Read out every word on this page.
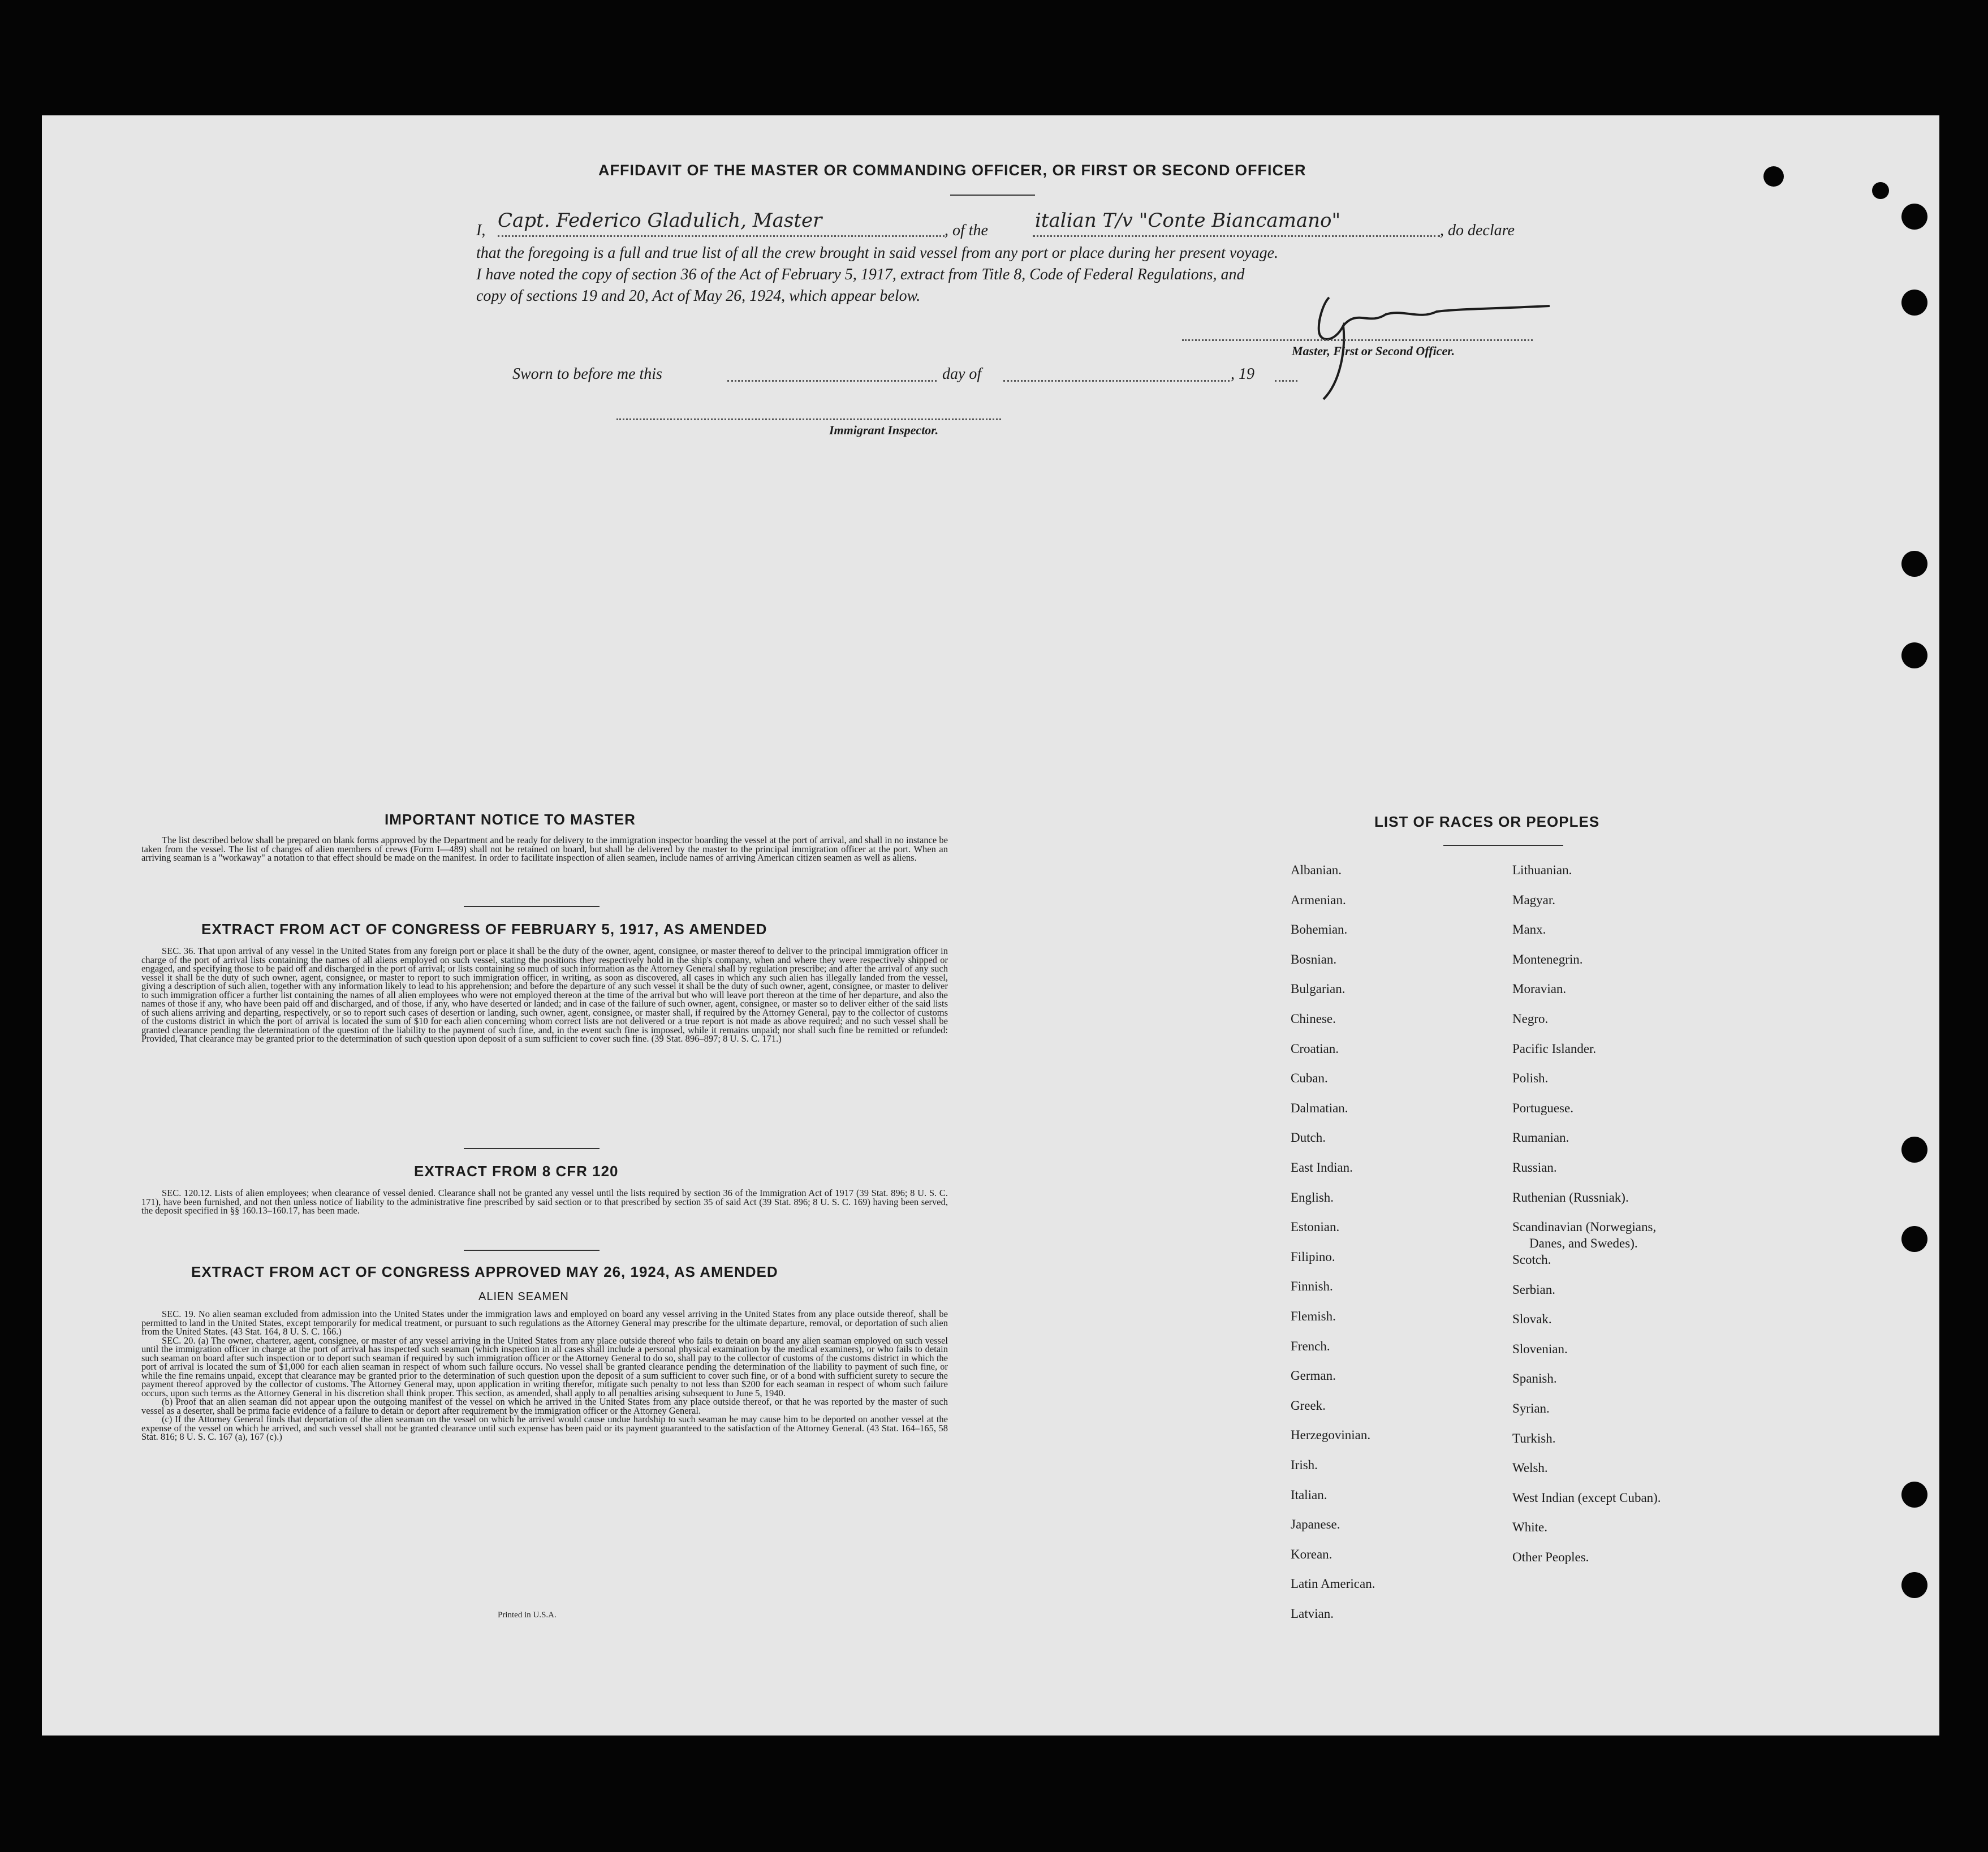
AFFIDAVIT OF THE MASTER OR COMMANDING OFFICER, OR FIRST OR SECOND OFFICER
I, Capt. Federico Gladulich, Master	, of the italian T/v "Conte Biancamano"	, do declare
that the foregoing is a full and true list of all the crew brought in said vessel from any port or place during her present voyage.
I have noted the copy of section 36 of the Act of February 5, 1917, extract from Title 8, Code of Federal Regulations, and
copy of sections 19 and 20, Act of May 26, 1924, which appear below.
Master, First or Second Officer.
Sworn to before me this	day of	, 19
Immigrant Inspector.
IMPORTANT NOTICE TO MASTER

The list described below shall be prepared on blank forms approved by the Department and be ready for delivery to the immigration inspector boarding the vessel at the port of arrival, and shall in no instance be taken from the vessel. The list of changes of alien members of crews (Form I—489) shall not be retained on board, but shall be delivered by the master to the principal immigration officer at the port. When an arriving seaman is a "workaway" a notation to that effect should be made on the manifest. In order to facilitate inspection of alien seamen, include names of arriving American citizen seamen as well as aliens.

EXTRACT FROM ACT OF CONGRESS OF FEBRUARY 5, 1917, AS AMENDED

SEC. 36. That upon arrival of any vessel in the United States from any foreign port or place it shall be the duty of the owner, agent, consignee, or master thereof to deliver to the principal immigration officer in charge of the port of arrival lists containing the names of all aliens employed on such vessel, stating the positions they respectively hold in the ship's company, when and where they were respectively shipped or engaged, and specifying those to be paid off and discharged in the port of arrival; or lists containing so much of such information as the Attorney General shall by regulation prescribe; and after the arrival of any such vessel it shall be the duty of such owner, agent, consignee, or master to report to such immigration officer, in writing, as soon as discovered, all cases in which any such alien has illegally landed from the vessel, giving a description of such alien, together with any information likely to lead to his apprehension; and before the departure of any such vessel it shall be the duty of such owner, agent, consignee, or master to deliver to such immigration officer a further list containing the names of all alien employees who were not employed thereon at the time of the arrival but who will leave port thereon at the time of her departure, and also the names of those if any, who have been paid off and discharged, and of those, if any, who have deserted or landed; and in case of the failure of such owner, agent, consignee, or master so to deliver either of the said lists of such aliens arriving and departing, respectively, or so to report such cases of desertion or landing, such owner, agent, consignee, or master shall, if required by the Attorney General, pay to the collector of customs of the customs district in which the port of arrival is located the sum of $10 for each alien concerning whom correct lists are not delivered or a true report is not made as above required; and no such vessel shall be granted clearance pending the determination of the question of the liability to the payment of such fine, and, in the event such fine is imposed, while it remains unpaid; nor shall such fine be remitted or refunded: Provided, That clearance may be granted prior to the determination of such question upon deposit of a sum sufficient to cover such fine. (39 Stat. 896–897; 8 U. S. C. 171.)

EXTRACT FROM 8 CFR 120

SEC. 120.12. Lists of alien employees; when clearance of vessel denied. Clearance shall not be granted any vessel until the lists required by section 36 of the Immigration Act of 1917 (39 Stat. 896; 8 U. S. C. 171), have been furnished, and not then unless notice of liability to the administrative fine prescribed by said section or to that prescribed by section 35 of said Act (39 Stat. 896; 8 U. S. C. 169) having been served, the deposit specified in §§ 160.13–160.17, has been made.

EXTRACT FROM ACT OF CONGRESS APPROVED MAY 26, 1924, AS AMENDED
ALIEN SEAMEN

SEC. 19. No alien seaman excluded from admission into the United States under the immigration laws and employed on board any vessel arriving in the United States from any place outside thereof, shall be permitted to land in the United States, except temporarily for medical treatment, or pursuant to such regulations as the Attorney General may prescribe for the ultimate departure, removal, or deportation of such alien from the United States. (43 Stat. 164, 8 U. S. C. 166.)

SEC. 20. (a) The owner, charterer, agent, consignee, or master of any vessel arriving in the United States from any place outside thereof who fails to detain on board any alien seaman employed on such vessel until the immigration officer in charge at the port of arrival has inspected such seaman (which inspection in all cases shall include a personal physical examination by the medical examiners), or who fails to detain such seaman on board after such inspection or to deport such seaman if required by such immigration officer or the Attorney General to do so, shall pay to the collector of customs of the customs district in which the port of arrival is located the sum of $1,000 for each alien seaman in respect of whom such failure occurs. No vessel shall be granted clearance pending the determination of the liability to payment of such fine, or while the fine remains unpaid, except that clearance may be granted prior to the determination of such question upon the deposit of a sum sufficient to cover such fine, or of a bond with sufficient surety to secure the payment thereof approved by the collector of customs. The Attorney General may, upon application in writing therefor, mitigate such penalty to not less than $200 for each seaman in respect of whom such failure occurs, upon such terms as the Attorney General in his discretion shall think proper. This section, as amended, shall apply to all penalties arising subsequent to June 5, 1940.

(b) Proof that an alien seaman did not appear upon the outgoing manifest of the vessel on which he arrived in the United States from any place outside thereof, or that he was reported by the master of such vessel as a deserter, shall be prima facie evidence of a failure to detain or deport after requirement by the immigration officer or the Attorney General.

(c) If the Attorney General finds that deportation of the alien seaman on the vessel on which he arrived would cause undue hardship to such seaman he may cause him to be deported on another vessel at the expense of the vessel on which he arrived, and such vessel shall not be granted clearance until such expense has been paid or its payment guaranteed to the satisfaction of the Attorney General. (43 Stat. 164–165, 58 Stat. 816; 8 U. S. C. 167 (a), 167 (c).)

Printed in U.S.A.
LIST OF RACES OR PEOPLES
Albanian.
Armenian.
Bohemian.
Bosnian.
Bulgarian.
Chinese.
Croatian.
Cuban.
Dalmatian.
Dutch.
East Indian.
English.
Estonian.
Filipino.
Finnish.
Flemish.
French.
German.
Greek.
Herzegovinian.
Irish.
Italian.
Japanese.
Korean.
Latin American.
Latvian.
Lithuanian.
Magyar.
Manx.
Montenegrin.
Moravian.
Negro.
Pacific Islander.
Polish.
Portuguese.
Rumanian.
Russian.
Ruthenian (Russniak).
Scandinavian (Norwegians,
Danes, and Swedes).
Scotch.
Serbian.
Slovak.
Slovenian.
Spanish.
Syrian.
Turkish.
Welsh.
West Indian (except Cuban).
White.
Other Peoples.
